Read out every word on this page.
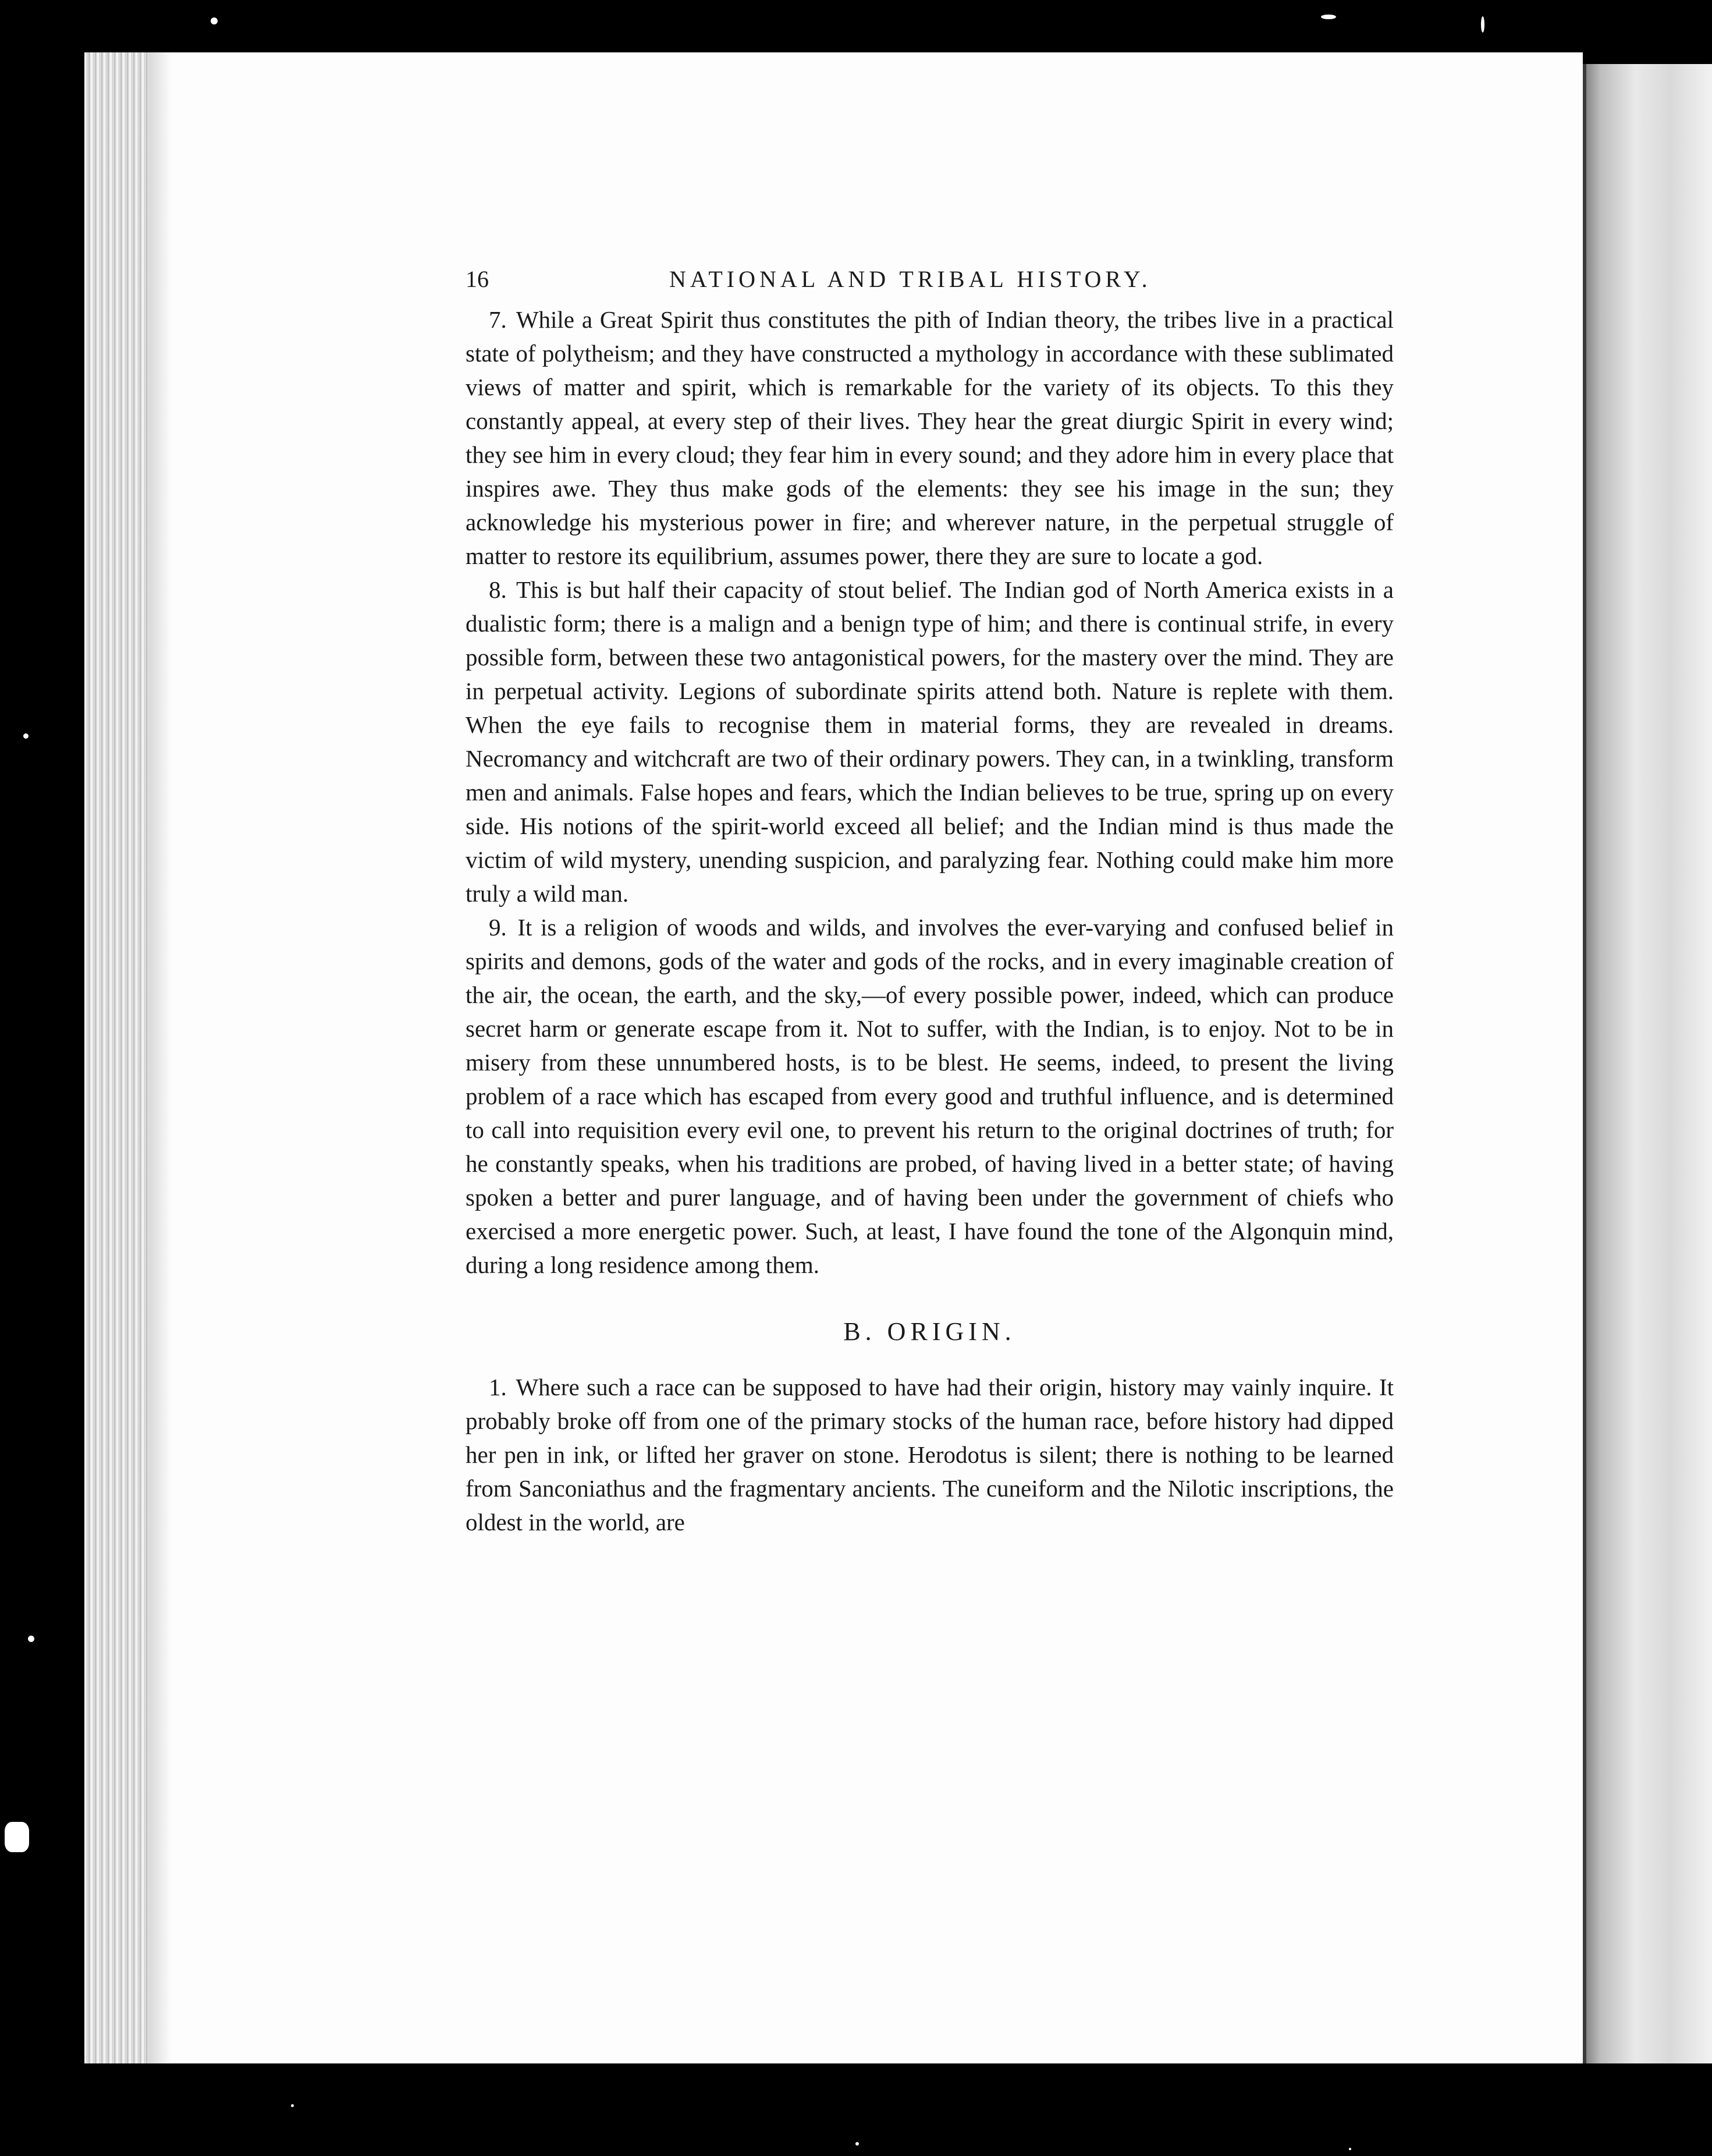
16	NATIONAL AND TRIBAL HISTORY.

7. While a Great Spirit thus constitutes the pith of Indian theory, the tribes live in a practical state of polytheism; and they have constructed a mythology in accordance with these sublimated views of matter and spirit, which is remarkable for the variety of its objects. To this they constantly appeal, at every step of their lives. They hear the great diurgic Spirit in every wind; they see him in every cloud; they fear him in every sound; and they adore him in every place that inspires awe. They thus make gods of the elements: they see his image in the sun; they acknowledge his mysterious power in fire; and wherever nature, in the perpetual struggle of matter to restore its equilibrium, assumes power, there they are sure to locate a god.

8. This is but half their capacity of stout belief. The Indian god of North America exists in a dualistic form; there is a malign and a benign type of him; and there is continual strife, in every possible form, between these two antagonistical powers, for the mastery over the mind. They are in perpetual activity. Legions of subordinate spirits attend both. Nature is replete with them. When the eye fails to recognise them in material forms, they are revealed in dreams. Necromancy and witchcraft are two of their ordinary powers. They can, in a twinkling, transform men and animals. False hopes and fears, which the Indian believes to be true, spring up on every side. His notions of the spirit-world exceed all belief; and the Indian mind is thus made the victim of wild mystery, unending suspicion, and paralyzing fear. Nothing could make him more truly a wild man.

9. It is a religion of woods and wilds, and involves the ever-varying and confused belief in spirits and demons, gods of the water and gods of the rocks, and in every imaginable creation of the air, the ocean, the earth, and the sky,—of every possible power, indeed, which can produce secret harm or generate escape from it. Not to suffer, with the Indian, is to enjoy. Not to be in misery from these unnumbered hosts, is to be blest. He seems, indeed, to present the living problem of a race which has escaped from every good and truthful influence, and is determined to call into requisition every evil one, to prevent his return to the original doctrines of truth; for he constantly speaks, when his traditions are probed, of having lived in a better state; of having spoken a better and purer language, and of having been under the government of chiefs who exercised a more energetic power. Such, at least, I have found the tone of the Algonquin mind, during a long residence among them.

B. ORIGIN.

1. Where such a race can be supposed to have had their origin, history may vainly inquire. It probably broke off from one of the primary stocks of the human race, before history had dipped her pen in ink, or lifted her graver on stone. Herodotus is silent; there is nothing to be learned from Sanconiathus and the fragmentary ancients. The cuneiform and the Nilotic inscriptions, the oldest in the world, are
